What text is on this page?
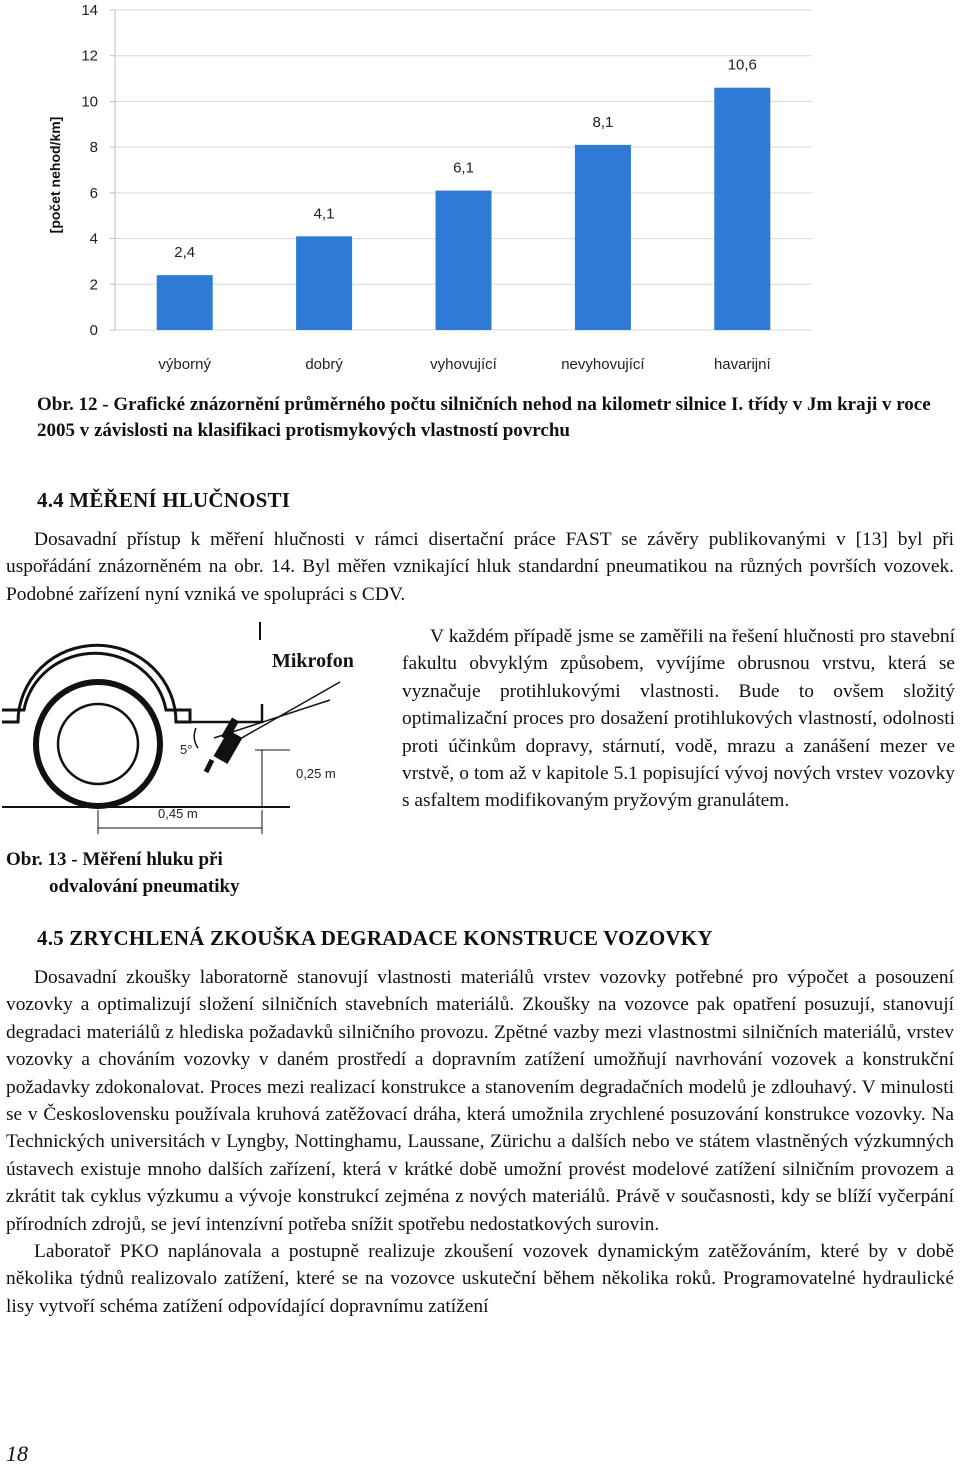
0
2
4
6
8
10
12
14
2,4
výborný
4,1
dobrý
6,1
vyhovující
8,1
nevyhovující
10,6
havarijní
[počet nehod/km]
Obr. 12 - Grafické znázornění průměrného počtu silničních nehod na kilometr silnice I. třídy v Jm kraji v roce 2005 v závislosti na klasifikaci protismykových vlastností povrchu
4.4 MĚŘENÍ HLUČNOSTI

Dosavadní přístup k měření hlučnosti v rámci disertační práce FAST se závěry publikovanými v [13] byl při uspořádání znázorněném na obr. 14. Byl měřen vznikající hluk standardní pneumatikou na různých površích vozovek. Podobné zařízení nyní vzniká ve spolupráci s CDV.

5°
0,25 m
0,45 m
Mikrofon
Obr. 13 - Měření hluku při
odvalování pneumatiky

V každém případě jsme se zaměřili na řešení hlučnosti pro stavební fakultu obvyklým způsobem, vyvíjíme obrusnou vrstvu, která se vyznačuje protihlukovými vlastnosti. Bude to ovšem složitý optimalizační proces pro dosažení protihlukových vlastností, odolnosti proti účinkům dopravy, stárnutí, vodě, mrazu a zanášení mezer ve vrstvě, o tom až v kapitole 5.1 popisující vývoj nových vrstev vozovky s asfaltem modifikovaným pryžovým granulátem.

4.5 ZRYCHLENÁ ZKOUŠKA DEGRADACE KONSTRUCE VOZOVKY

Dosavadní zkoušky laboratorně stanovují vlastnosti materiálů vrstev vozovky potřebné pro výpočet a posouzení vozovky a optimalizují složení silničních stavebních materiálů. Zkoušky na vozovce pak opatření posuzují, stanovují degradaci materiálů z hlediska požadavků silničního provozu. Zpětné vazby mezi vlastnostmi silničních materiálů, vrstev vozovky a chováním vozovky v daném prostředí a dopravním zatížení umožňují navrhování vozovek a konstrukční požadavky zdokonalovat. Proces mezi realizací konstrukce a stanovením degradačních modelů je zdlouhavý. V minulosti se v Československu používala kruhová zatěžovací dráha, která umožnila zrychlené posuzování konstrukce vozovky. Na Technických universitách v Lyngby, Nottinghamu, Laussane, Zürichu a dalších nebo ve státem vlastněných výzkumných ústavech existuje mnoho dalších zařízení, která v krátké době umožní provést modelové zatížení silničním provozem a zkrátit tak cyklus výzkumu a vývoje konstrukcí zejména z nových materiálů. Právě v současnosti, kdy se blíží vyčerpání přírodních zdrojů, se jeví intenzívní potřeba snížit spotřebu nedostatkových surovin.

Laboratoř PKO naplánovala a postupně realizuje zkoušení vozovek dynamickým zatěžováním, které by v době několika týdnů realizovalo zatížení, které se na vozovce uskuteční během několika roků. Programovatelné hydraulické lisy vytvoří schéma zatížení odpovídající dopravnímu zatížení

18
